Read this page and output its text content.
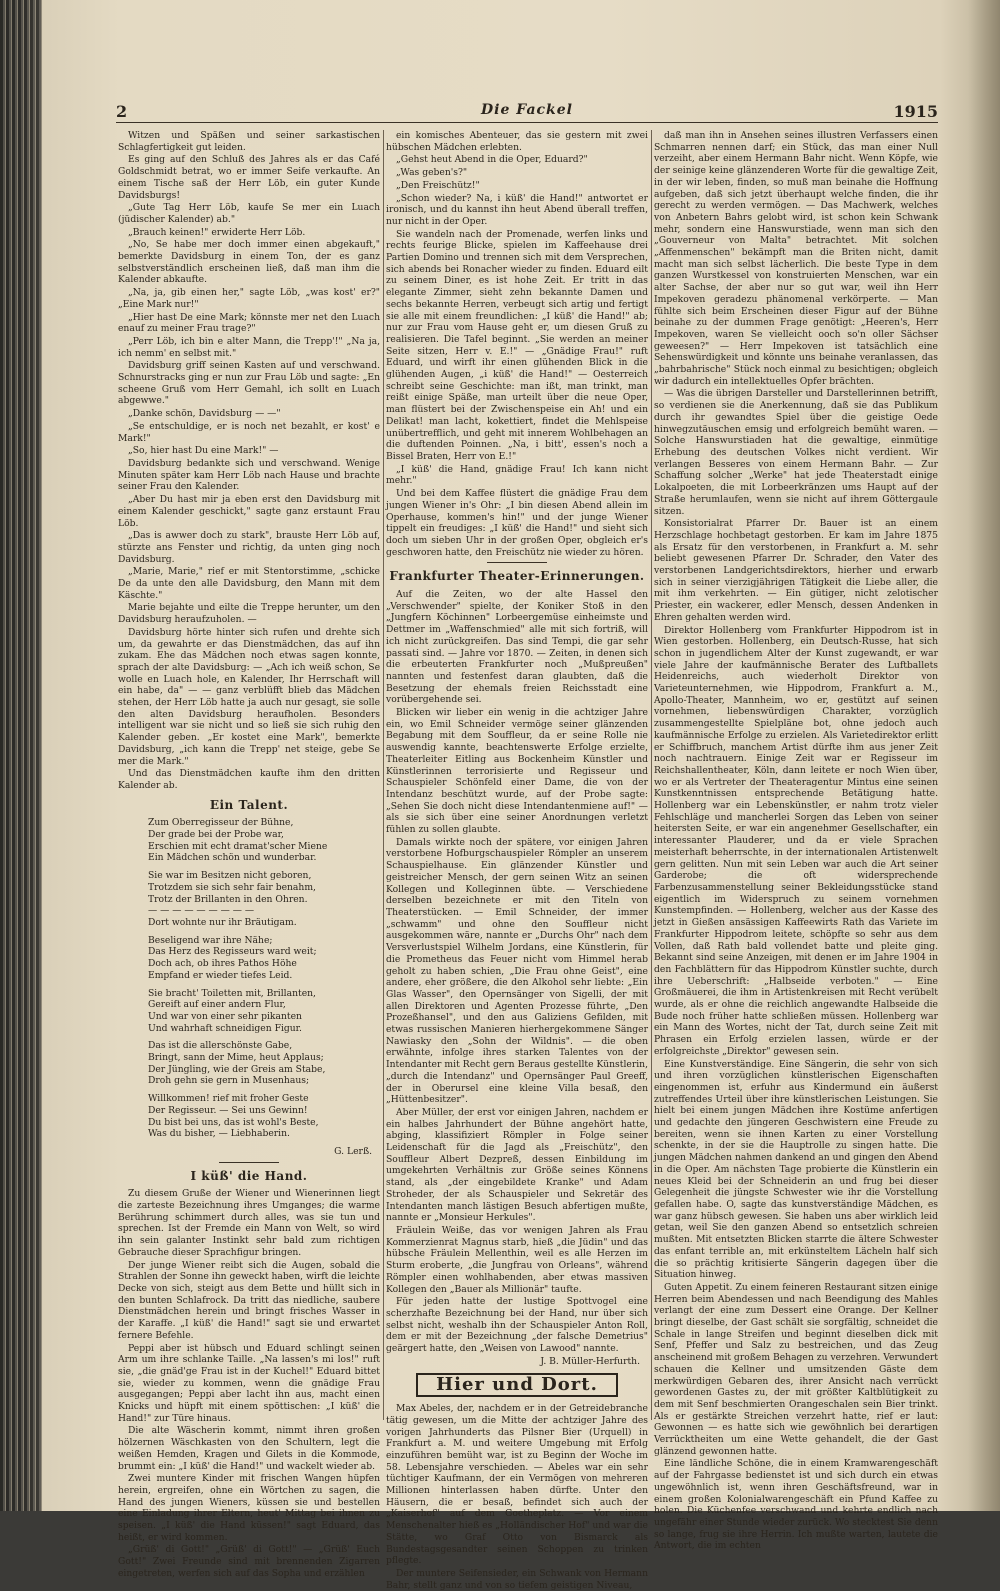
2	Die Fackel	1915

Witzen und Späßen und seiner sarkastischen Schlagfertigkeit gut leiden.

Es ging auf den Schluß des Jahres als er das Café Goldschmidt betrat, wo er immer Seife verkaufte. An einem Tische saß der Herr Löb, ein guter Kunde Davidsburgs!

„Gute Tag Herr Löb, kaufe Se mer ein Luach (jüdischer Kalender) ab."

„Brauch keinen!" erwiderte Herr Löb.

„No, Se habe mer doch immer einen abgekauft," bemerkte Davidsburg in einem Ton, der es ganz selbstverständlich erscheinen ließ, daß man ihm die Kalender abkaufte.

„Na, ja, gib einen her," sagte Löb, „was kost' er?" „Eine Mark nur!"

„Hier hast De eine Mark; könnste mer net den Luach enauf zu meiner Frau trage?"

„Perr Löb, ich bin e alter Mann, die Trepp'!" „Na ja, ich nemm' en selbst mit."

Davidsburg griff seinen Kasten auf und verschwand. Schnurstracks ging er nun zur Frau Löb und sagte: „En scheene Gruß vom Herr Gemahl, ich sollt en Luach abgewwe."

„Danke schön, Davidsburg — —"

„Se entschuldige, er is noch net bezahlt, er kost' e Mark!"

„So, hier hast Du eine Mark!" —

Davidsburg bedankte sich und verschwand. Wenige Minuten später kam Herr Löb nach Hause und brachte seiner Frau den Kalender.

„Aber Du hast mir ja eben erst den Davidsburg mit einem Kalender geschickt," sagte ganz erstaunt Frau Löb.

„Das is awwer doch zu stark", brauste Herr Löb auf, stürzte ans Fenster und richtig, da unten ging noch Davidsburg.

„Marie, Marie," rief er mit Stentorstimme, „schicke De da unte den alle Davidsburg, den Mann mit dem Käschte."

Marie bejahte und eilte die Treppe herunter, um den Davidsburg heraufzuholen. —

Davidsburg hörte hinter sich rufen und drehte sich um, da gewahrte er das Dienstmädchen, das auf ihn zukam. Ehe das Mädchen noch etwas sagen konnte, sprach der alte Davidsburg: — „Ach ich weiß schon, Se wolle en Luach hole, en Kalender, Ihr Herrschaft will ein habe, da" — — ganz verblüfft blieb das Mädchen stehen, der Herr Löb hatte ja auch nur gesagt, sie solle den alten Davidsburg heraufholen. Besonders intelligent war sie nicht und so ließ sie sich ruhig den Kalender geben. „Er kostet eine Mark", bemerkte Davidsburg, „ich kann die Trepp' net steige, gebe Se mer die Mark."

Und das Dienstmädchen kaufte ihm den dritten Kalender ab.

Ein Talent.
Zum Oberregisseur der Bühne,
Der grade bei der Probe war,
Erschien mit echt dramat'scher Miene
Ein Mädchen schön und wunderbar.
Sie war im Besitzen nicht geboren,
Trotzdem sie sich sehr fair benahm,
Trotz der Brillanten in den Ohren.
— — — — — — — — —
Dort wohnte nur ihr Bräutigam.
Beseligend war ihre Nähe;
Das Herz des Regisseurs ward weit;
Doch ach, ob ihres Pathos Höhe
Empfand er wieder tiefes Leid.
Sie bracht' Toiletten mit, Brillanten,
Gereift auf einer andern Flur,
Und war von einer sehr pikanten
Und wahrhaft schneidigen Figur.
Das ist die allerschönste Gabe,
Bringt, sann der Mime, heut Applaus;
Der Jüngling, wie der Greis am Stabe,
Droh gehn sie gern in Musenhaus;
Willkommen! rief mit froher Geste
Der Regisseur. — Sei uns Gewinn!
Du bist bei uns, das ist wohl's Beste,
Was du bisher, — Liebhaberin.

G. Lerß.

I küß' die Hand.

Zu diesem Gruße der Wiener und Wienerinnen liegt die zarteste Bezeichnung ihres Umganges; die warme Berührung schimmert durch alles, was sie tun und sprechen. Ist der Fremde ein Mann von Welt, so wird ihn sein galanter Instinkt sehr bald zum richtigen Gebrauche dieser Sprachfigur bringen.

Der junge Wiener reibt sich die Augen, sobald die Strahlen der Sonne ihn geweckt haben, wirft die leichte Decke von sich, steigt aus dem Bette und hüllt sich in den bunten Schlafrock. Da tritt das niedliche, saubere Dienstmädchen herein und bringt frisches Wasser in der Karaffe. „I küß' die Hand!" sagt sie und erwartet fernere Befehle.

Peppi aber ist hübsch und Eduard schlingt seinen Arm um ihre schlanke Taille. „Na lassen's mi los!" ruft sie, „die gnäd'ge Frau ist in der Kuchel!" Eduard bittet sie, wieder zu kommen, wenn die gnädige Frau ausgegangen; Peppi aber lacht ihn aus, macht einen Knicks und hüpft mit einem spöttischen: „I küß' die Hand!" zur Türe hinaus.

Die alte Wäscherin kommt, nimmt ihren großen hölzernen Wäschkasten von den Schultern, legt die weißen Hemden, Kragen und Gilets in die Kommode, brummt ein: „I küß' die Hand!" und wackelt wieder ab.

Zwei muntere Kinder mit frischen Wangen hüpfen herein, ergreifen, ohne ein Wörtchen zu sagen, die Hand des jungen Wieners, küssen sie und bestellen eine Einladung ihrer Eltern, heut' Mittag bei ihnen zu speisen. „I küß' die Hand küssen!" sagt Eduard, das heißt, er wird kommen.

„Grüß' di Gott!" „Grüß' di Gott!" — „Grüß' Euch Gott!" Zwei Freunde sind mit brennenden Zigarren eingetreten, werfen sich auf das Sopha und erzählen

ein komisches Abenteuer, das sie gestern mit zwei hübschen Mädchen erlebten.

„Gehst heut Abend in die Oper, Eduard?"

„Was geben's?"

„Den Freischütz!"

„Schon wieder? Na, i küß' die Hand!" antwortet er ironisch, und du kannst ihn heut Abend überall treffen, nur nicht in der Oper.

Sie wandeln nach der Promenade, werfen links und rechts feurige Blicke, spielen im Kaffeehause drei Partien Domino und trennen sich mit dem Versprechen, sich abends bei Ronacher wieder zu finden. Eduard eilt zu seinem Diner, es ist hohe Zeit. Er tritt in das elegante Zimmer, sieht zehn bekannte Damen und sechs bekannte Herren, verbeugt sich artig und fertigt sie alle mit einem freundlichen: „I küß' die Hand!" ab; nur zur Frau vom Hause geht er, um diesen Gruß zu realisieren. Die Tafel beginnt. „Sie werden an meiner Seite sitzen, Herr v. E.!" — „Gnädige Frau!" ruft Eduard, und wirft ihr einen glühenden Blick in die glühenden Augen, „i küß' die Hand!" — Oesterreich schreibt seine Geschichte: man ißt, man trinkt, man reißt einige Späße, man urteilt über die neue Oper, man flüstert bei der Zwischenspeise ein Ah! und ein Delikat! man lacht, kokettiert, findet die Mehlspeise unübertrefflich, und geht mit innerem Wohlbehagen an die duftenden Poinnen. „Na, i bitt', essen's noch a Bissel Braten, Herr von E.!"

„I küß' die Hand, gnädige Frau! Ich kann nicht mehr."

Und bei dem Kaffee flüstert die gnädige Frau dem jungen Wiener in's Ohr: „I bin diesen Abend allein im Operhause, kommen's hin!" und der junge Wiener tippelt ein freudiges: „I küß' die Hand!" und sieht sich doch um sieben Uhr in der großen Oper, obgleich er's geschworen hatte, den Freischütz nie wieder zu hören.

Frankfurter Theater-Erinnerungen.

Auf die Zeiten, wo der alte Hassel den „Verschwender" spielte, der Koniker Stoß in den „Jungfern Köchinnen" Lorbeergemüse einheimste und Dettmer im „Waffenschmied" alle mit sich fortriß, will ich nicht zurückgreifen. Das sind Tempi, die gar sehr passati sind. — Jahre vor 1870. — Zeiten, in denen sich die erbeuterten Frankfurter noch „Mußpreußen" nannten und festenfest daran glaubten, daß die Besetzung der ehemals freien Reichsstadt eine vorübergehende sei.

Blicken wir lieber ein wenig in die achtziger Jahre ein, wo Emil Schneider vermöge seiner glänzenden Begabung mit dem Souffleur, da er seine Rolle nie auswendig kannte, beachtenswerte Erfolge erzielte, Theaterleiter Eitling aus Bockenheim Künstler und Künstlerinnen terrorisierte und Regisseur und Schauspieler Schönfeld einer Dame, die von der Intendanz beschützt wurde, auf der Probe sagte: „Sehen Sie doch nicht diese Intendantenmiene auf!" — als sie sich über eine seiner Anordnungen verletzt fühlen zu sollen glaubte.

Damals wirkte noch der spätere, vor einigen Jahren verstorbene Hofburgschauspieler Römpler an unserem Schauspielhause. Ein glänzender Künstler und geistreicher Mensch, der gern seinen Witz an seinen Kollegen und Kolleginnen übte. — Verschiedene derselben bezeichnete er mit den Titeln von Theaterstücken. — Emil Schneider, der immer „schwamm" und ohne den Souffleur nicht ausgekommen wäre, nannte er „Durchs Ohr" nach dem Versverlustspiel Wilhelm Jordans, eine Künstlerin, für die Prometheus das Feuer nicht vom Himmel herab geholt zu haben schien, „Die Frau ohne Geist", eine andere, eher größere, die den Alkohol sehr liebte: „Ein Glas Wasser", den Opernsänger von Sigelli, der mit allen Direktoren und Agenten Prozesse führte, „Den Prozeßhansel", und den aus Galiziens Gefilden, mit etwas russischen Manieren hierhergekommene Sänger Nawiasky den „Sohn der Wildnis". — die oben erwähnte, infolge ihres starken Talentes von der Intendanter mit Recht gern Beraus gestellte Künstlerin, „durch die Intendanz" und Opernsänger Paul Greeff, der in Oberursel eine kleine Villa besaß, den „Hüttenbesitzer".

Aber Müller, der erst vor einigen Jahren, nachdem er ein halbes Jahrhundert der Bühne angehört hatte, abging, klassifiziert Römpler in Folge seiner Leidenschaft für die Jagd als „Freischütz", den Souffleur Albert Dezpreß, dessen Einbildung im umgekehrten Verhältnis zur Größe seines Könnens stand, als „der eingebildete Kranke" und Adam Stroheder, der als Schauspieler und Sekretär des Intendanten manch lästigen Besuch abfertigen mußte, nannte er „Monsieur Herkules".

Fräulein Weiße, das vor wenigen Jahren als Frau Kommerzienrat Magnus starb, hieß „die Jüdin" und das hübsche Fräulein Mellenthin, weil es alle Herzen im Sturm eroberte, „die Jungfrau von Orleans", während Römpler einen wohlhabenden, aber etwas massiven Kollegen den „Bauer als Millionär" taufte.

Für jeden hatte der lustige Spottvogel eine scherzhafte Bezeichnung bei der Hand, nur über sich selbst nicht, weshalb ihn der Schauspieler Anton Roll, dem er mit der Bezeichnung „der falsche Demetrius" geärgert hatte, den „Weisen von Lawood" nannte.

J. B. Müller-Herfurth.

Hier und Dort.

Max Abeles, der, nachdem er in der Getreidebranche tätig gewesen, um die Mitte der achtziger Jahre des vorigen Jahrhunderts das Pilsner Bier (Urquell) in Frankfurt a. M. und weitere Umgebung mit Erfolg einzuführen bemüht war, ist zu Beginn der Woche im 58. Lebensjahre verschieden. — Abeles war ein sehr tüchtiger Kaufmann, der ein Vermögen von mehreren Millionen hinterlassen haben dürfte. Unter den Häusern, die er besaß, befindet sich auch der „Kaiserhof" auf dem Goetheplatz. — Vor einem Menschenalter hieß es „Holländischer Hof" und war die Stätte, wo Graf Otto von Bismarck als Bundestagsgesandter seinen Schoppen zu trinken pflegte.

Der muntere Seifensieder, ein Schwank von Hermann Bahr, stellt ganz und von so tiefem geistigen Niveau,

daß man ihn in Ansehen seines illustren Verfassers einen Schmarren nennen darf; ein Stück, das man einer Null verzeiht, aber einem Hermann Bahr nicht. Wenn Köpfe, wie der seinige keine glänzenderen Worte für die gewaltige Zeit, in der wir leben, finden, so muß man beinahe die Hoffnung aufgeben, daß sich jetzt überhaupt welche finden, die ihr gerecht zu werden vermögen. — Das Machwerk, welches von Anbetern Bahrs gelobt wird, ist schon kein Schwank mehr, sondern eine Hanswurstiade, wenn man sich den „Gouverneur von Malta" betrachtet. Mit solchen „Affenmenschen" bekämpft man die Briten nicht, damit macht man sich selbst lächerlich. Die beste Type in dem ganzen Wurstkessel von konstruierten Menschen, war ein alter Sachse, der aber nur so gut war, weil ihn Herr Impekoven geradezu phänomenal verkörperte. — Man fühlte sich beim Erscheinen dieser Figur auf der Bühne beinahe zu der dummen Frage genötigt: „Heeren's, Herr Impekoven, waren Se vielleicht ooch so'n oller Sächser geweesen?" — Herr Impekoven ist tatsächlich eine Sehenswürdigkeit und könnte uns beinahe veranlassen, das „bahrbahrische" Stück noch einmal zu besichtigen; obgleich wir dadurch ein intellektuelles Opfer brächten.

— Was die übrigen Darsteller und Darstellerinnen betrifft, so verdienen sie die Anerkennung, daß sie das Publikum durch ihr gewandtes Spiel über die geistige Oede hinwegzutäuschen emsig und erfolgreich bemüht waren. — Solche Hanswurstiaden hat die gewaltige, einmütige Erhebung des deutschen Volkes nicht verdient. Wir verlangen Besseres von einem Hermann Bahr. — Zur Schaffung solcher „Werke" hat jede Theaterstadt einige Lokalpoeten, die mit Lorbeerkränzen ums Haupt auf der Straße herumlaufen, wenn sie nicht auf ihrem Göttergaule sitzen.

Konsistorialrat Pfarrer Dr. Bauer ist an einem Herzschlage hochbetagt gestorben. Er kam im Jahre 1875 als Ersatz für den verstorbenen, in Frankfurt a. M. sehr beliebt gewesenen Pfarrer Dr. Schrader, den Vater des verstorbenen Landgerichtsdirektors, hierher und erwarb sich in seiner vierzigjährigen Tätigkeit die Liebe aller, die mit ihm verkehrten. — Ein gütiger, nicht zelotischer Priester, ein wackerer, edler Mensch, dessen Andenken in Ehren gehalten werden wird.

Direktor Hollenberg vom Frankfurter Hippodrom ist in Wien gestorben. Hollenberg, ein Deutsch-Russe, hat sich schon in jugendlichem Alter der Kunst zugewandt, er war viele Jahre der kaufmännische Berater des Luftballets Heidenreichs, auch wiederholt Direktor von Varieteunternehmen, wie Hippodrom, Frankfurt a. M., Apollo-Theater, Mannheim, wo er, gestützt auf seinen vornehmen, liebenswürdigen Charakter, vorzüglich zusammengestellte Spielpläne bot, ohne jedoch auch kaufmännische Erfolge zu erzielen. Als Varietedirektor erlitt er Schiffbruch, manchem Artist dürfte ihm aus jener Zeit noch nachtrauern. Einige Zeit war er Regisseur im Reichshallentheater, Köln, dann leitete er noch Wien über, wo er als Vertreter der Theateragentur Mintus eine seinen Kunstkenntnissen entsprechende Betätigung hatte. Hollenberg war ein Lebenskünstler, er nahm trotz vieler Fehlschläge und mancherlei Sorgen das Leben von seiner heitersten Seite, er war ein angenehmer Gesellschafter, ein interessanter Plauderer, und da er viele Sprachen meisterhaft beherrschte, in der internationalen Artistenwelt gern gelitten. Nun mit sein Leben war auch die Art seiner Garderobe; die oft widersprechende Farbenzusammenstellung seiner Bekleidungsstücke stand eigentlich im Widerspruch zu seinem vornehmen Kunstempfinden. — Hollenberg, welcher aus der Kasse des jetzt in Gießen ansässigen Kaffeewirts Rath das Variete im Frankfurter Hippodrom leitete, schöpfte so sehr aus dem Vollen, daß Rath bald vollendet batte und pleite ging. Bekannt sind seine Anzeigen, mit denen er im Jahre 1904 in den Fachblättern für das Hippodrom Künstler suchte, durch ihre Ueberschrift: „Halbseide verboten." — Eine Großmäuerei, die ihm in Artistenkreisen mit Recht verübelt wurde, als er ohne die reichlich angewandte Halbseide die Bude noch früher hatte schließen müssen. Hollenberg war ein Mann des Wortes, nicht der Tat, durch seine Zeit mit Phrasen ein Erfolg erzielen lassen, würde er der erfolgreichste „Direktor" gewesen sein.

Eine Kunstverständige. Eine Sängerin, die sehr von sich und ihren vorzüglichen künstlerischen Eigenschaften eingenommen ist, erfuhr aus Kindermund ein äußerst zutreffendes Urteil über ihre künstlerischen Leistungen. Sie hielt bei einem jungen Mädchen ihre Kostüme anfertigen und gedachte den jüngeren Geschwistern eine Freude zu bereiten, wenn sie ihnen Karten zu einer Vorstellung schenkte, in der sie die Hauptrolle zu singen hatte. Die jungen Mädchen nahmen dankend an und gingen den Abend in die Oper. Am nächsten Tage probierte die Künstlerin ein neues Kleid bei der Schneiderin an und frug bei dieser Gelegenheit die jüngste Schwester wie ihr die Vorstellung gefallen habe. O, sagte das kunstverständige Mädchen, es war ganz hübsch gewesen. Sie haben uns aber wirklich leid getan, weil Sie den ganzen Abend so entsetzlich schreien mußten. Mit entsetzten Blicken starrte die ältere Schwester das enfant terrible an, mit erkünsteltem Lächeln half sich die so prächtig kritisierte Sängerin dagegen über die Situation hinweg.

Guten Appetit. Zu einem feineren Restaurant sitzen einige Herren beim Abendessen und nach Beendigung des Mahles verlangt der eine zum Dessert eine Orange. Der Kellner bringt dieselbe, der Gast schält sie sorgfältig, schneidet die Schale in lange Streifen und beginnt dieselben dick mit Senf, Pfeffer und Salz zu bestreichen, und das Zeug anscheinend mit großem Behagen zu verzehren. Verwundert schauen die Kellner und umsitzenden Gäste dem merkwürdigen Gebaren des, ihrer Ansicht nach verrückt gewordenen Gastes zu, der mit größter Kaltblütigkeit zu dem mit Senf beschmierten Orangeschalen sein Bier trinkt. Als er gestärkte Streichen verzehrt hatte, rief er laut: Gewonnen — es hatte sich wie gewöhnlich bei derartigen Verrücktheiten um eine Wette gehandelt, die der Gast glänzend gewonnen hatte.

Eine ländliche Schöne, die in einem Kramwarengeschäft auf der Fahrgasse bedienstet ist und sich durch ein etwas ungewöhnlich ist, wenn ihren Geschäftsfreund, war in einem großen Kolonialwarengeschäft ein Pfund Kaffee zu holen. Die Küchenfee verschwand und kehrte endlich nach ungefähr einer Stunde wieder zurück. Wo stecktest Sie denn so lange, frug sie ihre Herrin. Ich mußte warten, lautete die Antwort, die im echten
